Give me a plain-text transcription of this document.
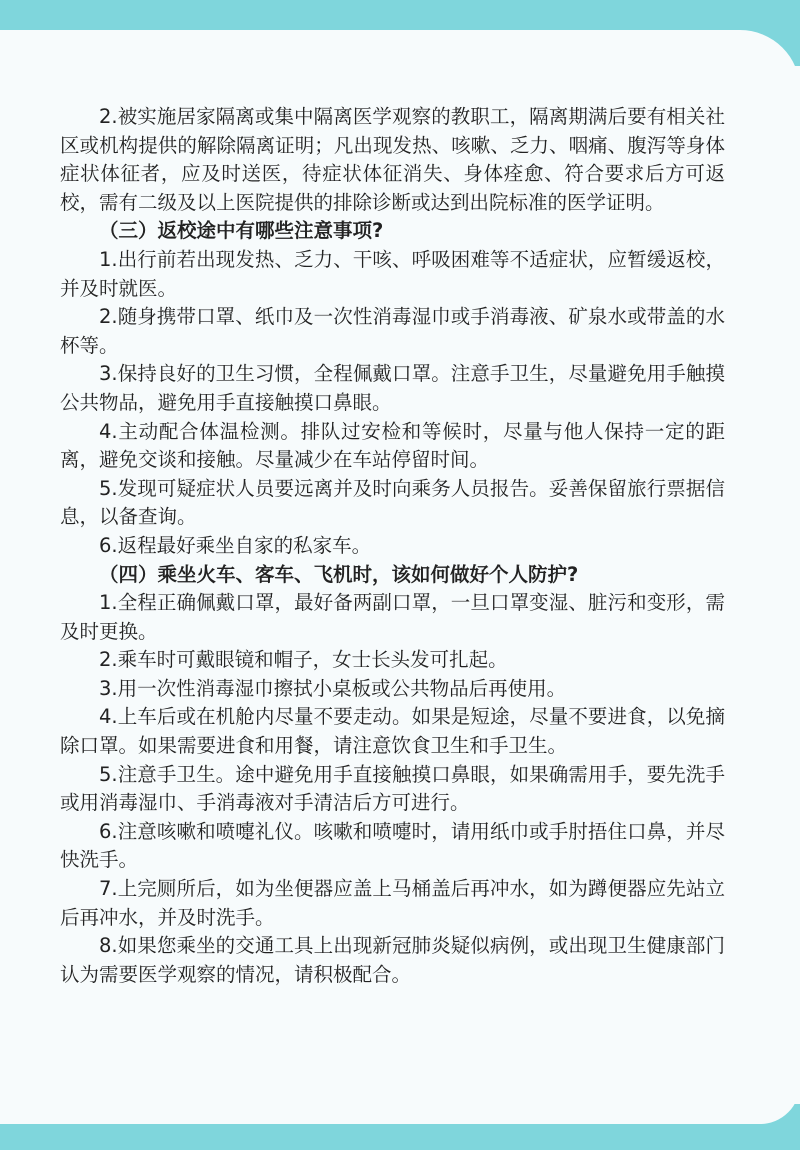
2.被实施居家隔离或集中隔离医学观察的教职工，隔离期满后要有相关社区或机构提供的解除隔离证明；凡出现发热、咳嗽、乏力、咽痛、腹泻等身体症状体征者，应及时送医，待症状体征消失、身体痊愈、符合要求后方可返校，需有二级及以上医院提供的排除诊断或达到出院标准的医学证明。

（三）返校途中有哪些注意事项?

1.出行前若出现发热、乏力、干咳、呼吸困难等不适症状，应暂缓返校，并及时就医。

2.随身携带口罩、纸巾及一次性消毒湿巾或手消毒液、矿泉水或带盖的水杯等。

3.保持良好的卫生习惯，全程佩戴口罩。注意手卫生，尽量避免用手触摸公共物品，避免用手直接触摸口鼻眼。

4.主动配合体温检测。排队过安检和等候时，尽量与他人保持一定的距离，避免交谈和接触。尽量减少在车站停留时间。

5.发现可疑症状人员要远离并及时向乘务人员报告。妥善保留旅行票据信息，以备查询。

6.返程最好乘坐自家的私家车。

（四）乘坐火车、客车、飞机时，该如何做好个人防护?

1.全程正确佩戴口罩，最好备两副口罩，一旦口罩变湿、脏污和变形，需及时更换。

2.乘车时可戴眼镜和帽子，女士长头发可扎起。

3.用一次性消毒湿巾擦拭小桌板或公共物品后再使用。

4.上车后或在机舱内尽量不要走动。如果是短途，尽量不要进食，以免摘除口罩。如果需要进食和用餐，请注意饮食卫生和手卫生。

5.注意手卫生。途中避免用手直接触摸口鼻眼，如果确需用手，要先洗手或用消毒湿巾、手消毒液对手清洁后方可进行。

6.注意咳嗽和喷嚏礼仪。咳嗽和喷嚏时，请用纸巾或手肘捂住口鼻，并尽快洗手。

7.上完厕所后，如为坐便器应盖上马桶盖后再冲水，如为蹲便器应先站立后再冲水，并及时洗手。

8.如果您乘坐的交通工具上出现新冠肺炎疑似病例，或出现卫生健康部门认为需要医学观察的情况，请积极配合。
